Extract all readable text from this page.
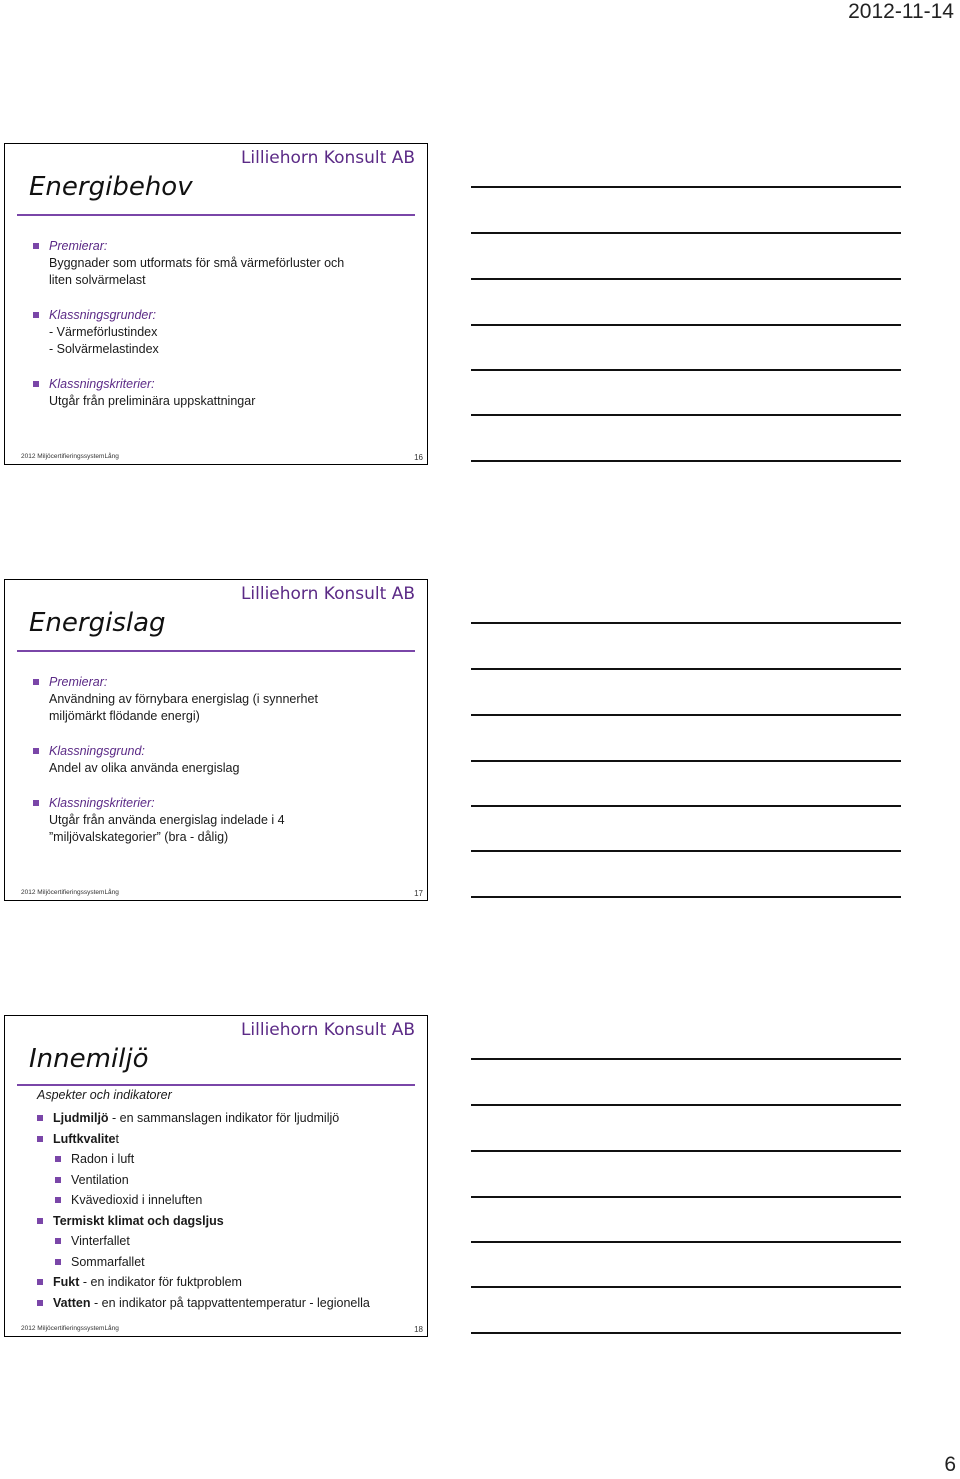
2012-11-14
Lilliehorn Konsult AB
Energibehov
Premierar:
Byggnader som utformats för små värmeförluster och
liten solvärmelast
Klassningsgrunder:
- Värmeförlustindex
- Solvärmelastindex
Klassningskriterier:
Utgår från preliminära uppskattningar
2012 MiljöcertifieringssystemLång	16
Lilliehorn Konsult AB
Energislag
Premierar:
Användning av förnybara energislag (i synnerhet
miljömärkt flödande energi)
Klassningsgrund:
Andel av olika använda energislag
Klassningskriterier:
Utgår från använda energislag indelade i 4
”miljövalskategorier” (bra - dålig)
2012 MiljöcertifieringssystemLång	17
Lilliehorn Konsult AB
Innemiljö
Aspekter och indikatorer
Ljudmiljö - en sammanslagen indikator för ljudmiljö
Luftkvalitet
Radon i luft
Ventilation
Kvävedioxid i inneluften
Termiskt klimat och dagsljus
Vinterfallet
Sommarfallet
Fukt - en indikator för fuktproblem
Vatten - en indikator på tappvattentemperatur - legionella
2012 MiljöcertifieringssystemLång	18
6
